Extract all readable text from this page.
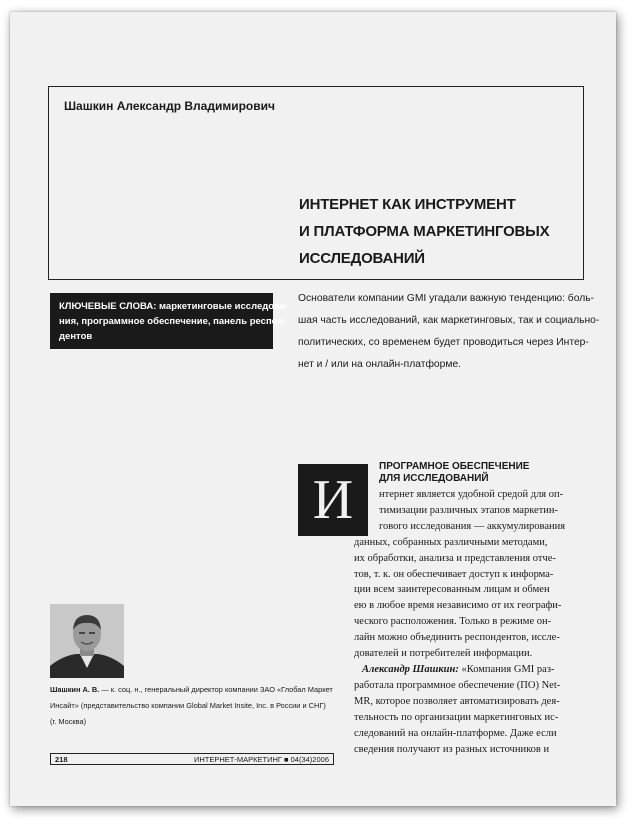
Шашкин Александр Владимирович
ИНТЕРНЕТ КАК ИНСТРУМЕНТ
И ПЛАТФОРМА МАРКЕТИНГОВЫХ
ИССЛЕДОВАНИЙ
КЛЮЧЕВЫЕ СЛОВА: маркетинговые исследова-
ния, программное обеспечение, панель респон-
дентов
Основатели компании GMI угадали важную тенденцию: боль-
шая часть исследований, как маркетинговых, так и социально-
политических, со временем будет проводиться через Интер-
нет и / или на онлайн-платформе.
И
ПРОГРАМНОЕ ОБЕСПЕЧЕНИЕ
ДЛЯ ИССЛЕДОВАНИЙ
нтернет является удобной средой для оп-
тимизации различных этапов маркетин-
гового исследования — аккумулирования
данных, собранных различными методами,
их обработки, анализа и представления отче-
тов, т. к. он обеспечивает доступ к информа-
ции всем заинтересованным лицам и обмен
ею в любое время независимо от их географи-
ческого расположения. Только в режиме он-
лайн можно объединить респондентов, иссле-
дователей и потребителей информации.
Александр Шашкин: «Компания GMI раз-
работала программное обеспечение (ПО) Net-
MR, которое позволяет автоматизировать дея-
тельность по организации маркетинговых ис-
следований на онлайн-платформе. Даже если
сведения получают из разных источников и
Шашкин А. В. — к. соц. н., генеральный директор компании ЗАО «Глобал Маркет
Инсайт» (представительство компании Global Market Insite, Inc. в России и СНГ)
(г. Москва)
218	ИНТЕРНЕТ-МАРКЕТИНГ ■ 04(34)2006
